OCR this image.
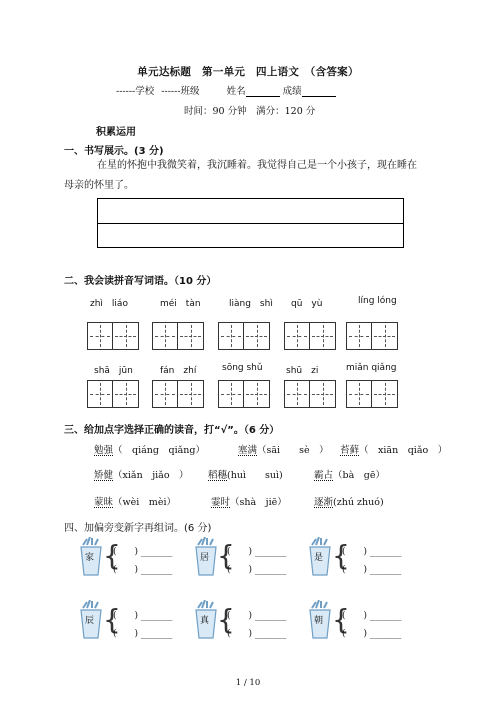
单元达标题　第一单元　四上语文　（含答案）
------学校 ------班级	姓名	成绩
时间：90 分钟　满分：120 分
积累运用
一、书写展示。(3 分)
在星的怀抱中我微笑着，我沉睡着。我觉得自己是一个小孩子，现在睡在
母亲的怀里了。
二、我会读拼音写词语。（10 分）
zhì　liáo	méi　tàn	liàng　shì qū　yù	líng lóng
shā　jūn	fán　zhí	sōng shǔ	shū　zi	miǎn qiǎng
三、给加点字选择正确的读音，打“√”。（6 分）
勉强（　qiáng　qiǎng）	塞满（sāi　　sè　） 苔藓（　xiān　qiǎo　）
矫健（xiǎn　jiǎo　） 稻穗(huì　　suì)	霸占（bà　gē）
蒙昧（wèi　mèi）	霎时（shà　jiē）	逐渐(zhú zhuó)
四、加偏旁变新字再组词。(6 分)
家 {
(　　) _______
(　　) _______
居 {
(　　) _______
(　　) _______
是 {
(　　) _______
(　　) _______
辰 {
(　　) _______
(　　) _______
真 {
(　　) _______
(　　) _______
朝 {
(　　) _______
(　　) _______
1 / 10
